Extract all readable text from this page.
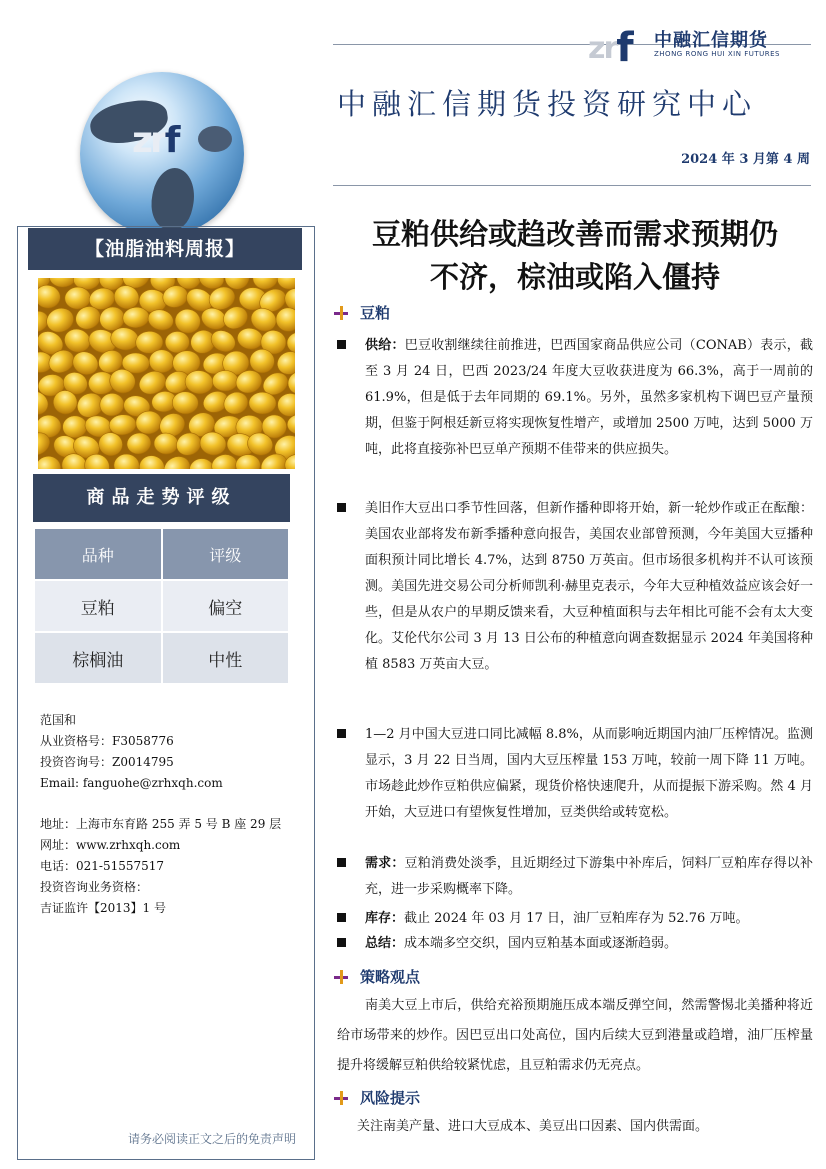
zrf 中融汇信期货
ZHONG RONG HUI XIN FUTURES
中融汇信期货投资研究中心
2024 年 3 月第 4 周
zrf
【油脂油料周报】
商品走势评级
品种	评级
豆粕	偏空
棕榈油	中性
范国和
从业资格号：F3058776
投资咨询号：Z0014795
Email: fanguohe@zrhxqh.com
地址：上海市东育路 255 弄 5 号 B 座 29 层
网址：www.zrhxqh.com
电话：021-51557517
投资咨询业务资格：
吉证监许【2013】1 号
请务必阅读正文之后的免责声明
豆粕供给或趋改善而需求预期仍
不济，棕油或陷入僵持
豆粕
供给：巴豆收割继续往前推进，巴西国家商品供应公司（CONAB）表示，截至 3 月 24 日，巴西 2023/24 年度大豆收获进度为 66.3%，高于一周前的 61.9%，但是低于去年同期的 69.1%。另外，虽然多家机构下调巴豆产量预期，但鉴于阿根廷新豆将实现恢复性增产，或增加 2500 万吨，达到 5000 万吨，此将直接弥补巴豆单产预期不佳带来的供应损失。
美旧作大豆出口季节性回落，但新作播种即将开始，新一轮炒作或正在酝酿：美国农业部将发布新季播种意向报告，美国农业部曾预测，今年美国大豆播种面积预计同比增长 4.7%，达到 8750 万英亩。但市场很多机构并不认可该预测。美国先进交易公司分析师凯利·赫里克表示，今年大豆种植效益应该会好一些，但是从农户的早期反馈来看，大豆种植面积与去年相比可能不会有太大变化。艾伦代尔公司 3 月 13 日公布的种植意向调查数据显示 2024 年美国将种植 8583 万英亩大豆。
1—2 月中国大豆进口同比减幅 8.8%，从而影响近期国内油厂压榨情况。监测显示，3 月 22 日当周，国内大豆压榨量 153 万吨，较前一周下降 11 万吨。市场趁此炒作豆粕供应偏紧，现货价格快速爬升，从而提振下游采购。然 4 月开始，大豆进口有望恢复性增加，豆类供给或转宽松。
需求：豆粕消费处淡季，且近期经过下游集中补库后，饲料厂豆粕库存得以补充，进一步采购概率下降。
库存：截止 2024 年 03 月 17 日，油厂豆粕库存为 52.76 万吨。
总结：成本端多空交织，国内豆粕基本面或逐渐趋弱。
策略观点
南美大豆上市后，供给充裕预期施压成本端反弹空间，然需警惕北美播种将近给市场带来的炒作。因巴豆出口处高位，国内后续大豆到港量或趋增，油厂压榨量提升将缓解豆粕供给较紧忧虑，且豆粕需求仍无亮点。
风险提示
关注南美产量、进口大豆成本、美豆出口因素、国内供需面。
